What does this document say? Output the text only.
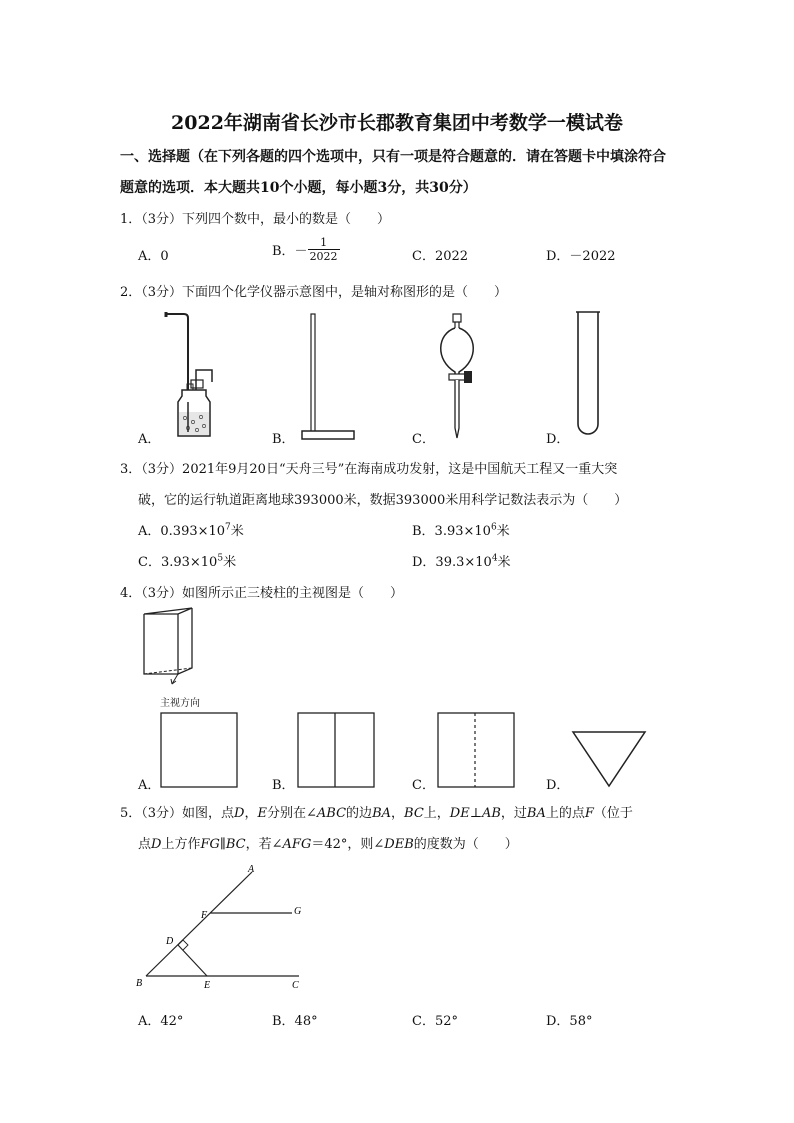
2022年湖南省长沙市长郡教育集团中考数学一模试卷
一、选择题（在下列各题的四个选项中，只有一项是符合题意的．请在答题卡中填涂符合
题意的选项．本大题共10个小题，每小题3分，共30分）
1．（3分）下列四个数中，最小的数是（　　）
A．0	B．－ $\frac{1}{2022}$	C．2022	D．－2022
2．（3分）下面四个化学仪器示意图中，是轴对称图形的是（　　）
A．	B．	C．	D．
3．（3分）2021年9月20日“天舟三号”在海南成功发射，这是中国航天工程又一重大突
破，它的运行轨道距离地球393000米，数据393000米用科学记数法表示为（　　）
A．$0.393\times 10^7$米	B．$3.93\times 10^6$米
C．$3.93\times 10^5$米	D．$39.3\times 10^4$米
4．（3分）如图所示正三棱柱的主视图是（　　）
主视方向
A．	B．	C．	D．
5．（3分）如图，点D，E分别在∠ABC的边BA，BC上，DE⊥AB，过BA上的点F（位于
点D上方作FG∥BC，若∠AFG＝42°，则∠DEB的度数为（　　）
A
B	C
D
E
F	G
A．42°	B．48°	C．52°	D．58°
